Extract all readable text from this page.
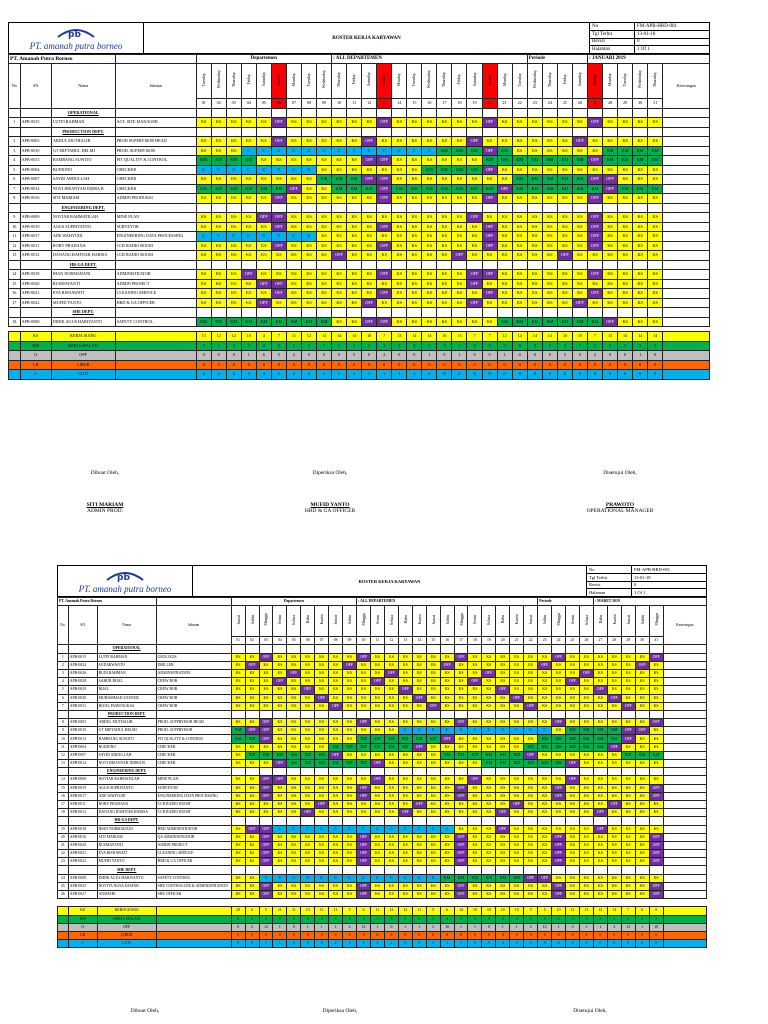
pb
PT. amanah putra borneo	ROSTER KERJA KARYAWAN	No	FM-APB-HRD-001
		Tgl Terbit	13-01-18
		Revisi	0
		Halaman	1 Of 1
PT. Amanah Putra Borneo				Departemen									: ALL DEPARTEMEN													Periode				: JANUARI 2019					
No	SN	Nama	Jabatan	Tuesday	Wednesday	Thursday	Friday	Saturday	Sunday	Monday	Tuesday	Wednesday	Thursday	Friday	Saturday	Sunday	Monday	Tuesday	Wednesday	Thursday	Friday	Saturday	Sunday	Monday	Tuesday	Wednesday	Thursday	Friday	Saturday	Sunday	Monday	Tuesday	Wednesday	Thursday	Keterangan
				01	02	03	04	05	06	07	08	09	10	11	12	13	14	15	16	17	18	19	20	21	22	23	24	25	26	27	28	29	30	31	
		OPERATIONAL																																	
1	APB-0015	LUTFI RAHMAN	ACT. SITE MANAGER	KS	KS	KS	KS	KS	OFF	KS	KS	KS	KS	KS	KS	OFF	KS	KS	KS	KS	KS	KS	OFF	KS	KS	KS	KS	KS	KS	OFF	KS	KS	KS	KS	
		PRODUCTION DEPT.																																	
2	APB-0003	ABDUL MUTHALIB	PROD SUPERVISOR HEAD	KS	KS	KS	KS	KS	OFF	KS	KS	KS	KS	KS	OFF	KS	KS	KS	KS	KS	KS	OFF	KS	KS	KS	KS	KS	KS	OFF	KS	KS	KS	KS	KS	
3	APB-0010	GT MIFTAHUL HELMI	PROD. SUPERVISOR	KS	KS	KS	C	C	C	C	C	C	C	C	C	C	C	C	C	KM	KM	KM	OFF	KM	KS	KS	KS	KS	KS	KS	KM	KM	KM	KM	
4	APB-0013	BAMBANG SUWITO	PIT QUALITY & CONTROL	KM	KM	KM	KM	KS	KS	KS	KS	KS	KS	KS	OFF	OFF	KS	KS	KS	KS	KS	KS	KM	KM	KM	KM	KM	KM	KM	OFF	KM	KM	KM	KM	
5	APB-0004	BUDIONO	CHECKER	C	C	C	C	C	C	C	C	KS	KS	KS	KS	KS	KS	KS	KM	KM	KM	KM	OFF	KS	KS	KS	KS	KS	KS	KS	KS	KS	KS	KS	
6	APB-0007	SAYID ABDULLAH	CHECKER	KS	KS	KS	KS	KS	KS	KS	KS	KM	KM	KM	OFF	OFF	KS	KS	KS	KS	KS	KS	KS	KS	KM	KM	KM	KM	KM	OFF	OFF	KS	KS	KS	
7	APB-0014	NOVI IHSANYAH INDRA B.	CHECKER	KM	KM	KM	KM	KM	KM	OFF	KS	KS	KM	KM	KM	OFF	KM	KM	KM	KM	KM	KM	KM	OFF	KM	KM	KM	KM	KM	KM	OFF	KM	KM	KM	
8	APB-0016	SITI MARIAM	ADMIN PRODUKSI	KS	KS	KS	KS	KS	OFF	KS	KS	KS	KS	KS	KS	OFF	KS	KS	KS	KS	KS	KS	OFF	KS	KS	KS	KS	KS	KS	OFF	KS	KS	KS	KS	
		ENGINEERING DEPT.																																	
9	APB-0009	NOVIAR RAHMATILAH	MINE PLAN	KS	KS	KS	KS	OFF	OFF	KS	KS	KS	KS	KS	KS	KS	KS	KS	KS	KS	KS	OFF	KS	KS	KS	KS	KS	KS	KS	OFF	KS	KS	KS	KS	
10	APB-0019	AGUS SUPRIYANTO	SURVEYOR	KS	KS	KS	KS	KS	OFF	KS	KS	KS	KS	KS	KS	OFF	KS	KS	KS	KS	KS	KS	OFF	KS	KS	KS	KS	KS	KS	OFF	KS	KS	KS	KS	
11	APB-0017	ADE WAHYUDI	ENGINEERING DATA PROCESSING	C	C	C	C	C	C	C	C	KS	KS	KS	KS	KS	KS	KS	KS	KS	KS	KS	OFF	KS	KS	KS	KS	KS	KS	OFF	KS	KS	KS	KS	
12	APB-0011	ROBY PRADANA	CCR RADIO ROOM	KS	KS	KS	KS	KS	OFF	KS	KS	KS	KS	KS	KS	OFF	KS	KS	KS	KS	KS	KS	OFF	KS	KS	KS	KS	KS	KS	OFF	KS	KS	KS	KS	
13	APB-0012	DANANG BAHTIAR HARISA	CCR RADIO ROOM	KS	KS	KS	KS	KS	KS	KS	KS	KS	OFF	KS	KS	KS	KS	KS	KS	KS	OFF	KS	KS	KS	KS	KS	KS	OFF	KS	KS	KS	KS	KS	KS	
		HR-GA DEPT.																																	
14	APB-0018	IHAN NORMADANI	ADMINISTRATOR	KS	KS	KS	OFF	KS	KS	KS	KS	KS	KS	KS	KS	OFF	KS	KS	KS	KS	KS	OFF	OFF	KS	KS	KS	KS	KS	KS	OFF	KS	KS	KS	KS	
15	APB-0020	RUSMAYANTI	ADMIN PROJECT	KS	KS	KS	KS	OFF	OFF	KS	KS	KS	KS	KS	KS	KS	KS	KS	KS	KS	KS	OFF	KS	KS	KS	KS	KS	KS	KS	KS	KS	KS	KS	KS	
16	APB-0021	EVA RISNAWATI	CLEANING SERVICE	KS	KS	KS	KS	KS	OFF	KS	KS	KS	KS	KS	KS	OFF	KS	KS	KS	KS	KS	KS	OFF	KS	KS	KS	KS	KS	KS	OFF	KS	KS	KS	KS	
17	APB-0022	MUFID YANTO	HRD & GA OFFICER	KS	KS	KS	KS	OFF	KS	KS	KS	KS	KS	KS	OFF	KS	KS	KS	KS	KS	KS	OFF	KS	KS	KS	KS	KS	KS	OFF	KS	KS	KS	KS	KS	
		SHE DEPT.																																	
18	APB-0008	DIDIK AGUS HARIYANTO	SAFETY CONTROL	KM	KM	KM	KM	KM	KM	KM	KM	KM	KS	KS	OFF	OFF	KS	KS	KS	KS	KS	KS	KS	KM	KM	KM	KM	KM	KM	KM	OFF	KS	KS	KS	

	KS	KERJA SIANG		13	12	12	10	4	7	11	12	14	14	14	10	7	13	14	14	16	13	7	7	12	14	14	14	16	10	7	13	14	14	14	
	KM	KERJA MALAM		3	3	3	3	2	2	2	2	3	3	3	2	1	2	2	3	3	3	2	3	3	3	3	3	3	3	2	3	3	3	3	
	O	OFF		0	0	0	1	6	5	2	0	0	0	5	0	2	0	0	1	0	1	0	0	1	0	0	0	5	0	2	0	0	1	0	
	LB	LIBUR		0	0	0	0	0	0	0	0	0	0	0	0	0	0	0	0	0	0	0	0	0	0	0	0	0	0	0	0	0	0	0	
	C	CUTI		2	2	2	3	3	3	3	3	1	1	1	1	1	1	1	0	0	0	0	0	0	0	0	0	0	0	0	0	0	0	0	
pb
PT. amanah putra borneo	ROSTER KERJA KARYAWAN	No	FM-APB-HRD-001
		Tgl Terbit	13-01-18
		Revisi	0
		Halaman	1 Of 1
PT. Amanah Putra Borneo				Departemen									: ALL DEPARTEMEN													Periode				: MARET 2019					
No.	SN	Nama	Jabatan	Jumat	Sabtu	Minggu	Senin	Selasa	Rabu	Kamis	Jumat	Sabtu	Minggu	Senin	Selasa	Rabu	Kamis	Jumat	Sabtu	Minggu	Senin	Selasa	Rabu	Kamis	Jumat	Sabtu	Minggu	Senin	Selasa	Rabu	Kamis	Jumat	Sabtu	Minggu	Keterangan
				01	02	03	04	05	06	07	08	09	10	11	12	13	14	15	16	17	18	19	20	21	22	23	24	25	26	27	28	29	30	31	
		OPERATIONAL																																	
1	APB-0015	LUTFI RAHMAN	GEOLOGIS	KS	KS	OFF	KS	KS	KS	KS	KS	KS	OFF	KS	KS	KS	KS	KS	KS	OFF	KS	KS	KS	KS	KS	KS	OFF	KS	KS	KS	KS	KS	KS	OFF	
2	APB-0024	SUDARWANTO	DRILLER	KS	OFF	KS	KS	KS	KS	KS	KS	OFF	KS	KS	KS	KS	KS	KS	OFF	KS	KS	KS	KS	KS	KS	OFF	KS	KS	KS	KS	KS	KS	OFF	KS	
3	APB-0026	BUDI RAHMAN	ADMINISTRATION	KS	KS	KS	KS	OFF	KS	KS	KS	KS	KS	KS	OFF	KS	KS	KS	KS	KS	KS	OFF	KS	KS	KS	KS	KS	KS	OFF	KS	KS	KS	KS	KS	
4	APB-0028	SAHUR RIJAL	CREW BOR	KS	KS	KS	OFF	KS	KS	KS	KS	KS	KS	OFF	KS	KS	KS	KS	KS	KS	OFF	KS	KS	KS	KS	KS	KS	OFF	KS	KS	KS	KS	KS	KS	
5	APB-0029	RIJAL	CREW BOR	KS	KS	KS	KS	KS	OFF	KS	KS	KS	KS	KS	KS	OFF	KS	KS	KS	KS	KS	KS	OFF	KS	KS	KS	KS	KS	KS	OFF	KS	KS	KS	KS	
6	APB-0030	MUHAMMAD ZAENUR	CREW BOR	KS	KS	KS	KS	KS	KS	OFF	KS	KS	KS	KS	KS	KS	OFF	KS	KS	KS	KS	KS	KS	OFF	KS	KS	KS	KS	KS	KS	OFF	KS	KS	KS	
7	APB-0031	RIZAL PAMUNGKAS	CREW BOR	KS	KS	KS	KS	KS	KS	KS	OFF	KS	KS	KS	KS	KS	KS	OFF	KS	KS	KS	KS	KS	KS	OFF	KS	KS	KS	KS	KS	KS	OFF	KS	KS	
		PRODUCTION DEPT.																																	
8	APB-0003	ABDUL MUTHALIB	PROD. SUPERVISOR HEAD	KS	KS	OFF	KS	KS	KS	KS	KS	KS	OFF	KS	KS	KS	KS	KS	KS	OFF	KS	KS	KS	KS	KS	KS	OFF	KS	KS	KS	KS	KS	KS	OFF	
9	APB-0010	GT MIFTAHUL HELMI	PROD. SUPERVISOR	KM	OFF	OFF	KS	KS	KS	KS	KS	KS	KS	KS	KS	C	C	C	C	C	C	C	C	C	C	C	KS	KM	KM	KM	KM	OFF	OFF	KS	
10	APB-0013	BAMBANG SUWITO	PIT QUALITY & CONTROL	KM	KM	OFF	KS	KS	KS	KS	KS	KS	KM	KM	KM	KM	KM	KM	OFF	KS	KS	KS	KS	KS	KS	KM	KM	KM	KM	KM	KM	OFF	KS	KS	
11	APB-0004	BUDIONO	CHECKER	KS	KS	KS	KS	KS	KS	KS	KM	KM	KM	KM	KM	KM	OFF	KS	KS	KS	KS	KS	KS	KS	KM	KM	KM	KM	KM	KM	OFF	KS	KS	KS	
12	APB-0007	SAYID ABDULLAH	CHECKER	KS	KM	KM	KM	KM	KM	KM	OFF	KS	KS	KS	KS	KS	KS	KS	KM	KM	KM	KM	KM	KM	OFF	KS	KS	KS	KS	KS	KS	KM	KM	KM	
13	APB-0014	NOVI IHSANYAH INDRA B.	CHECKER	KS	KS	KS	OFF	KM	KM	KM	KM	KM	KM	OFF	KS	KS	KS	KS	KS	KS	KS	KM	KM	KM	KM	KM	KM	OFF	KS	KS	KS	KS	KS	KS	
		ENGINEERING DEPT.																																	
14	APB-0009	NOVIAR RAHMATILAH	MINE PLAN	KS	KS	OFF	OFF	KS	KS	KS	KS	KS	KS	OFF	KS	KS	KS	KS	KS	KS	OFF	KS	KS	KS	KS	KS	KS	OFF	KS	KS	KS	KS	KS	KS	
15	APB-0019	AGUS SUPRIYANTO	SURVEYOR	KS	KS	OFF	KS	KS	KS	KS	KS	KS	OFF	KS	KS	KS	KS	KS	KS	OFF	KS	KS	KS	KS	KS	KS	OFF	KS	KS	KS	KS	KS	KS	OFF	
16	APB-0017	ADE WAHYUDI	ENGINEERING DATA PROCESSING	KS	KS	OFF	KS	KS	KS	KS	KS	KS	OFF	KS	KS	KS	KS	KS	KS	OFF	KS	KS	KS	KS	KS	KS	OFF	KS	KS	KS	KS	KS	KS	OFF	
17	APB-0011	ROBY PRADANA	CCR RADIO ROOM	KS	KS	KS	KS	KS	KS	OFF	KS	KS	KS	KS	KS	KS	OFF	KS	KS	KS	KS	KS	KS	OFF	KS	KS	KS	KS	KS	KS	OFF	KS	KS	KS	
18	APB-0012	DANANG BAHTIAR HARISA	CCR RADIO ROOM	KS	KS	KS	KS	KS	OFF	KS	KS	KS	KS	KS	KS	OFF	KS	KS	KS	KS	KS	KS	OFF	KS	KS	KS	KS	KS	KS	OFF	KS	KS	KS	KS	
		HR-GA DEPT.																																	
19	APB-0018	IHAN NORMADANI	HRD ADMINISTRATOR	KS	OFF	OFF	C	C	C	C	C	C	C	C	C	C	C	C	C	KS	KS	KS	OFF	KS	KS	KS	KS	KS	KS	OFF	KS	KS	KS	KS	
20	APB-0016	SITI MARIAM	QA ADMINISTRATOR	KS	KS	OFF	KS	KS	KS	KS	KS	KS	OFF	KS	KS	KS	KS	KS	KS	OFF	KS	KS	KS	KS	KS	KS	OFF	KS	KS	KS	KS	KS	KS	OFF	
21	APB-0020	RUSMAYANTI	ADMIN PROJECT	KS	KS	OFF	KS	KS	KS	KS	KS	KS	OFF	KS	KS	KS	KS	KS	KS	OFF	KS	KS	KS	KS	KS	KS	OFF	KS	KS	KS	KS	KS	KS	OFF	
22	APB-0021	EVA RISNAWATI	CLEANING SERVICE	KS	KS	OFF	KS	KS	KS	KS	KS	KS	OFF	KS	KS	KS	KS	KS	KS	OFF	KS	KS	KS	KS	KS	KS	OFF	KS	KS	KS	KS	KS	KS	OFF	
23	APB-0022	MUFID YANTO	HRD & GA OFFICER	KS	KS	OFF	KS	KS	KS	KS	KS	KS	OFF	KS	KS	KS	KS	KS	KS	OFF	KS	KS	KS	KS	KS	KS	OFF	KS	KS	KS	KS	KS	KS	OFF	
		SHE DEPT.																																	
24	APB-0008	DIDIK AGUS HARIYANTO	SAFETY CONTROL	KS	KS	C	C	C	C	C	C	C	C	C	C	C	C	C	KM	KM	KM	KM	KM	KM	OFF	OFF	KS	KS	KS	KS	KS	KS	KS	KS	
25	APB-0025	NOVITA NUSA DJAFAR	SHE CONTROLLER & ADMINISTRATION	KS	KS	OFF	KS	KS	KS	KS	KS	KS	OFF	KS	KS	KS	KS	KS	KS	OFF	KS	KS	KS	KS	KS	KS	OFF	KS	KS	KS	KS	KS	KS	OFF	
26	APB-0027	ANSHARI	SHE OFFICER	KS	KS	OFF	KS	KS	KS	KS	KS	KS	OFF	KS	KS	KS	KS	KS	KS	OFF	KS	KS	KS	KS	KS	KS	OFF	KS	KS	KS	KS	KS	KS	OFF	

	KS	KERJA SIANG		20	6	5	11	11	13	11	11	5	6	11	12	12	11	5	6	14	10	10	10	10	5	5	10	12	13	12	14	7	6	0	
	KM	KERJA MALAM		4	2	2	3	4	4	4	4	2	2	3	3	3	3	2	4	1	4	4	4	4	2	2	2	3	3	3	2	2	2	2	
	O	OFF		0	2	12	1	0	1	1	1	2	12	1	0	1	1	2	10	1	1	0	1	1	2	12	1	0	1	1	2	12	1	10	
	LB	LIBUR		0	0	0	0	0	0	0	0	0	0	0	0	0	0	0	0	0	0	0	0	0	0	0	0	0	0	0	0	0	0	0	
	C	CUTI		0	0	1	1	2	2	2	2	2	2	2	2	2	2	2	1	1	0	0	0	0	0	0	0	0	0	0	0	0	0	0	
Dibuat Oleh,
SITI MARIAM
ADMIN PROD.
Diperiksa Oleh,
MUFID YANTO
HRD & GA OFFICER
Disetujui Oleh,
PRAWOTO
OPERATIONAL MANAGER
Dibuat Oleh,	Diperiksa Oleh,	Disetujui Oleh,
